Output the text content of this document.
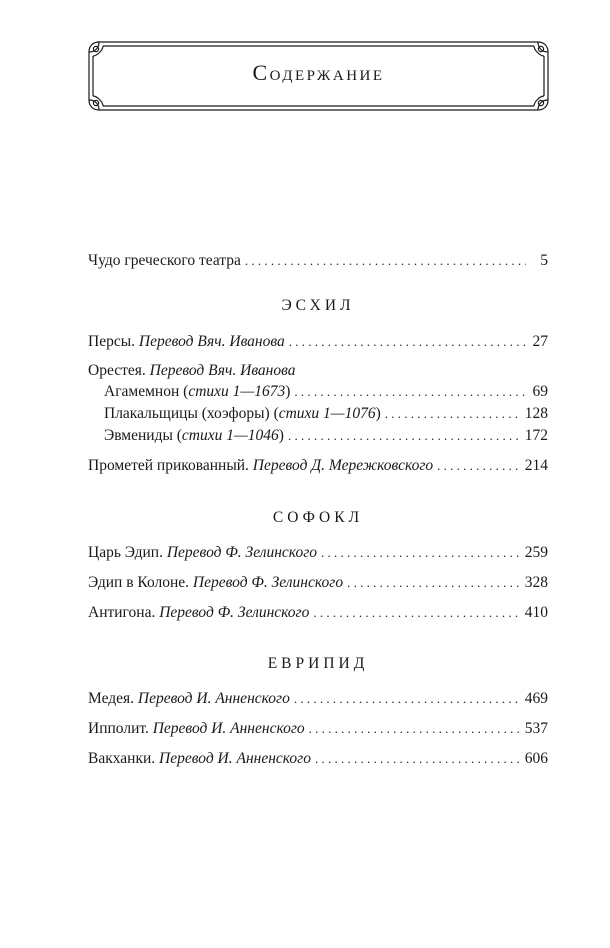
Содержание
Чудо греческого театра . . .	5
ЭСХИЛ
Персы. Перевод Вяч. Иванова . . .	27
Орестея. Перевод Вяч. Иванова
Агамемнон (стихи 1—1673) . . .	69
Плакальщицы (хоэфоры) (стихи 1—1076) . . .	128
Эвмениды (стихи 1—1046) . . .	172
Прометей прикованный. Перевод Д. Мережковского . . .	214
СОФОКЛ
Царь Эдип. Перевод Ф. Зелинского . . .	259
Эдип в Колоне. Перевод Ф. Зелинского . . .	328
Антигона. Перевод Ф. Зелинского . . .	410
ЕВРИПИД
Медея. Перевод И. Анненского . . .	469
Ипполит. Перевод И. Анненского . . .	537
Вакханки. Перевод И. Анненского . . .	606
